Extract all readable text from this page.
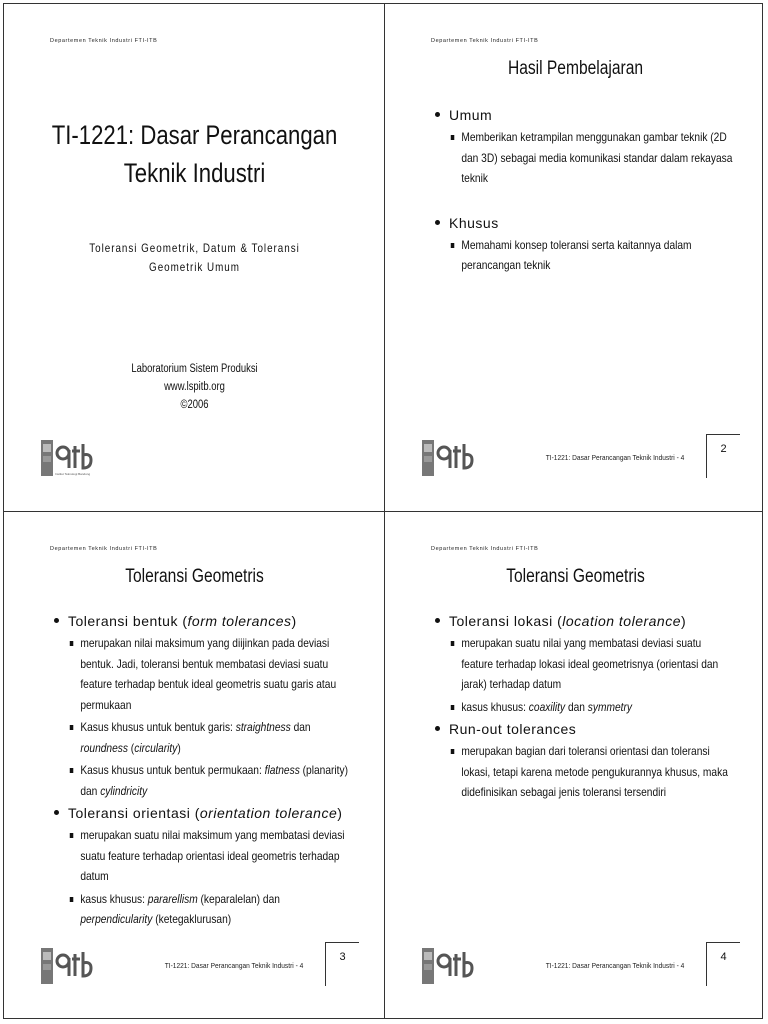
Departemen Teknik Industri FTI-ITB
TI-1221: Dasar Perancangan
Teknik Industri
Toleransi Geometrik, Datum & Toleransi
Geometrik Umum
Laboratorium Sistem Produksi
www.lspitb.org
©2006
Institut Teknologi Bandung
Departemen Teknik Industri FTI-ITB
Hasil Pembelajaran
Umum
Memberikan ketrampilan menggunakan gambar teknik (2D dan 3D) sebagai media komunikasi standar dalam rekayasa teknik
Khusus
Memahami konsep toleransi serta kaitannya dalam perancangan teknik
TI-1221: Dasar Perancangan Teknik Industri - 4
2
Departemen Teknik Industri FTI-ITB
Toleransi Geometris
Toleransi bentuk (form tolerances)
merupakan nilai maksimum yang diijinkan pada deviasi bentuk. Jadi, toleransi bentuk membatasi deviasi suatu feature terhadap bentuk ideal geometris suatu garis atau permukaan
Kasus khusus untuk bentuk garis: straightness dan roundness (circularity)
Kasus khusus untuk bentuk permukaan: flatness (planarity) dan cylindricity
Toleransi orientasi (orientation tolerance)
merupakan suatu nilai maksimum yang membatasi deviasi suatu feature terhadap orientasi ideal geometris terhadap datum
kasus khusus: pararellism (keparalelan) dan perpendicularity (ketegaklurusan)
TI-1221: Dasar Perancangan Teknik Industri - 4
3
Departemen Teknik Industri FTI-ITB
Toleransi Geometris
Toleransi lokasi (location tolerance)
merupakan suatu nilai yang membatasi deviasi suatu feature terhadap lokasi ideal geometrisnya (orientasi dan jarak) terhadap datum
kasus khusus: coaxility dan symmetry
Run-out tolerances
merupakan bagian dari toleransi orientasi dan toleransi lokasi, tetapi karena metode pengukurannya khusus, maka didefinisikan sebagai jenis toleransi tersendiri
TI-1221: Dasar Perancangan Teknik Industri - 4
4
